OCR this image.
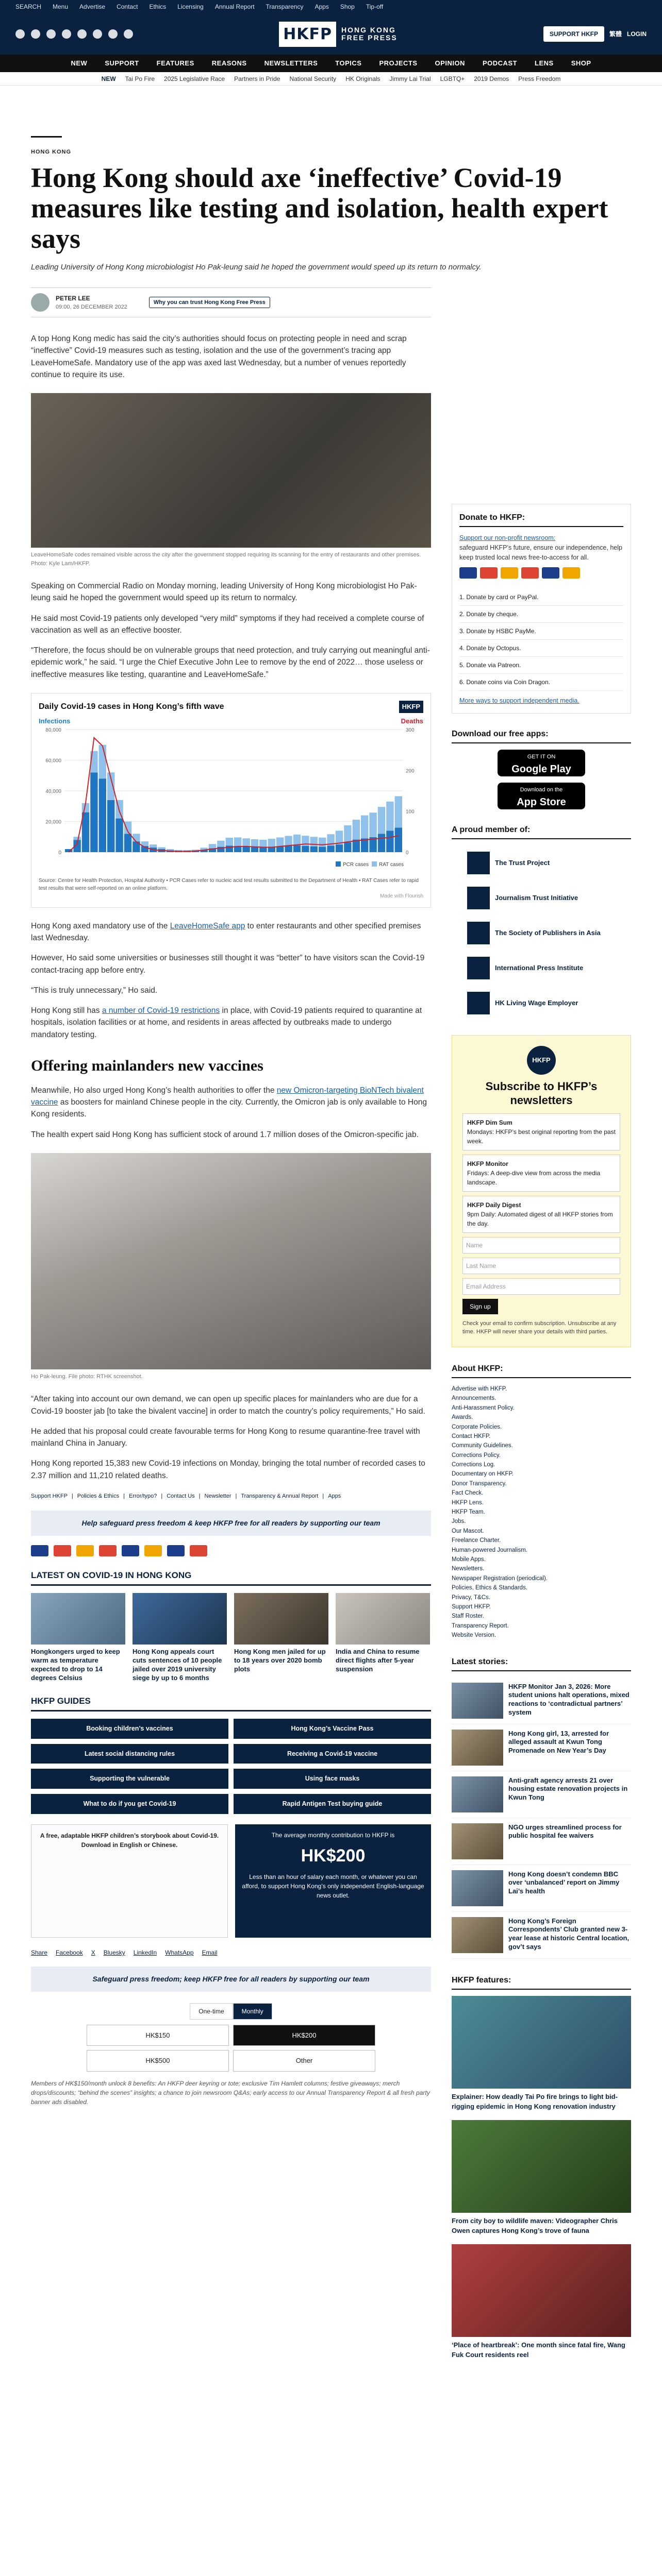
SEARCH Menu Advertise Contact Ethics Licensing Annual Report Transparency Apps Shop Tip-off
HKFP	HONG KONG
FREE PRESS	SUPPORT HKFP	繁體 LOGIN
NEW	SUPPORT	FEATURES	REASONS	NEWSLETTERS	TOPICS	PROJECTS	OPINION	PODCAST	LENS	SHOP
NEW Tai Po Fire 2025 Legislative Race Partners in Pride National Security HK Originals Jimmy Lai Trial LGBTQ+ 2019 Demos Press Freedom
HONG KONG
Hong Kong should axe ‘ineffective’ Covid-19 measures like testing and isolation, health expert says
Leading University of Hong Kong microbiologist Ho Pak-leung said he hoped the government would speed up its return to normalcy.
PETER LEE
09:00, 26 DECEMBER 2022
Why you can trust Hong Kong Free Press

A top Hong Kong medic has said the city’s authorities should focus on protecting people in need and scrap “ineffective” Covid-19 measures such as testing, isolation and the use of the government’s tracing app LeaveHomeSafe. Mandatory use of the app was axed last Wednesday, but a number of venues reportedly continue to require its use.

LeaveHomeSafe codes remained visible across the city after the government stopped requiring its scanning for the entry of restaurants and other premises. Photo: Kyle Lam/HKFP.

Speaking on Commercial Radio on Monday morning, leading University of Hong Kong microbiologist Ho Pak-leung said he hoped the government would speed up its return to normalcy.

He said most Covid-19 patients only developed “very mild” symptoms if they had received a complete course of vaccination as well as an effective booster.

“Therefore, the focus should be on vulnerable groups that need protection, and truly carrying out meaningful anti-epidemic work,” he said. “I urge the Chief Executive John Lee to remove by the end of 2022… those useless or ineffective measures like testing, quarantine and LeaveHomeSafe.”

Daily Covid-19 cases in Hong Kong’s fifth wave	HKFP
Infections	Deaths
80,000
60,000
40,000
20,000
0
300
200
100
0
PCR cases RAT cases
Source: Centre for Health Protection, Hospital Authority • PCR Cases refer to nucleic acid test results submitted to the Department of Health • RAT Cases refer to rapid test results that were self-reported on an online platform.
Made with Flourish

Hong Kong axed mandatory use of the LeaveHomeSafe app to enter restaurants and other specified premises last Wednesday.

However, Ho said some universities or businesses still thought it was “better” to have visitors scan the Covid-19 contact-tracing app before entry.

“This is truly unnecessary,” Ho said.

Hong Kong still has a number of Covid-19 restrictions in place, with Covid-19 patients required to quarantine at hospitals, isolation facilities or at home, and residents in areas affected by outbreaks made to undergo mandatory testing.

Offering mainlanders new vaccines

Meanwhile, Ho also urged Hong Kong’s health authorities to offer the new Omicron-targeting BioNTech bivalent vaccine as boosters for mainland Chinese people in the city. Currently, the Omicron jab is only available to Hong Kong residents.

The health expert said Hong Kong has sufficient stock of around 1.7 million doses of the Omicron-specific jab.

Ho Pak-leung. File photo: RTHK screenshot.

“After taking into account our own demand, we can open up specific places for mainlanders who are due for a Covid-19 booster jab [to take the bivalent vaccine] in order to match the country’s policy requirements,” Ho said.

He added that his proposal could create favourable terms for Hong Kong to resume quarantine-free travel with mainland China in January.

Hong Kong reported 15,383 new Covid-19 infections on Monday, bringing the total number of recorded cases to 2.37 million and 11,210 related deaths.

Support HKFP | Policies & Ethics | Error/typo? | Contact Us | Newsletter | Transparency & Annual Report | Apps
Help safeguard press freedom & keep HKFP free for all readers by supporting our team
LATEST ON COVID-19 IN HONG KONG
Hongkongers urged to keep warm as temperature expected to drop to 14 degrees Celsius
Hong Kong appeals court cuts sentences of 10 people jailed over 2019 university siege by up to 6 months
Hong Kong men jailed for up to 18 years over 2020 bomb plots
India and China to resume direct flights after 5-year suspension
HKFP GUIDES
Booking children’s vaccines	Hong Kong’s Vaccine Pass
Latest social distancing rules	Receiving a Covid-19 vaccine
Supporting the vulnerable	Using face masks
What to do if you get Covid-19	Rapid Antigen Test buying guide
A free, adaptable HKFP children’s storybook about Covid-19. Download in English or Chinese.
The average monthly contribution to HKFP is
HK$200
Less than an hour of salary each month, or whatever you can afford, to support Hong Kong’s only independent English-language news outlet.
Share Facebook X Bluesky LinkedIn WhatsApp Email
Safeguard press freedom; keep HKFP free for all readers by supporting our team
One-time	Monthly
HK$150	HK$200
HK$500	Other
Members of HK$150/month unlock 8 benefits: An HKFP deer keyring or tote; exclusive Tim Hamlett columns; festive giveaways; merch drops/discounts; “behind the scenes” insights; a chance to join newsroom Q&As; early access to our Annual Transparency Report & all fresh party banner ads disabled.
Donate to HKFP:

Support our non-profit newsroom:

safeguard HKFP’s future, ensure our independence, help keep trusted local news free-to-access for all.

1. Donate by card or PayPal.
2. Donate by cheque.
3. Donate by HSBC PayMe.
4. Donate by Octopus.
5. Donate via Patreon.
6. Donate coins via Coin Dragon.

More ways to support independent media.

Download our free apps:
GET IT ON
Google Play
Download on the
App Store
A proud member of:
The Trust Project
Journalism Trust Initiative
The Society of Publishers in Asia
International Press Institute
HK Living Wage Employer
HKFP
Subscribe to HKFP’s newsletters
HKFP Dim Sum
Mondays: HKFP’s best original reporting from the past week.
HKFP Monitor
Fridays: A deep-dive view from across the media landscape.
HKFP Daily Digest
9pm Daily: Automated digest of all HKFP stories from the day.
Name
Last Name
Email Address
Sign up
Check your email to confirm subscription. Unsubscribe at any time. HKFP will never share your details with third parties.
About HKFP:
Advertise with HKFP.
Announcements.
Anti-Harassment Policy.
Awards.
Corporate Policies.
Contact HKFP.
Community Guidelines.
Corrections Policy.
Corrections Log.
Documentary on HKFP.
Donor Transparency.
Fact Check.
HKFP Lens.
HKFP Team.
Jobs.
Our Mascot.
Freelance Charter.
Human-powered Journalism.
Mobile Apps.
Newsletters.
Newspaper Registration (periodical).
Policies, Ethics & Standards.
Privacy, T&Cs.
Support HKFP.
Staff Roster.
Transparency Report.
Website Version.
Latest stories:
HKFP Monitor Jan 3, 2026: More student unions halt operations, mixed reactions to ‘contradictual partners’ system
Hong Kong girl, 13, arrested for alleged assault at Kwun Tong Promenade on New Year’s Day
Anti-graft agency arrests 21 over housing estate renovation projects in Kwun Tong
NGO urges streamlined process for public hospital fee waivers
Hong Kong doesn’t condemn BBC over ‘unbalanced’ report on Jimmy Lai’s health
Hong Kong’s Foreign Correspondents’ Club granted new 3-year lease at historic Central location, gov’t says
HKFP features:
Explainer: How deadly Tai Po fire brings to light bid-rigging epidemic in Hong Kong renovation industry
From city boy to wildlife maven: Videographer Chris Owen captures Hong Kong’s trove of fauna
‘Place of heartbreak’: One month since fatal fire, Wang Fuk Court residents reel
